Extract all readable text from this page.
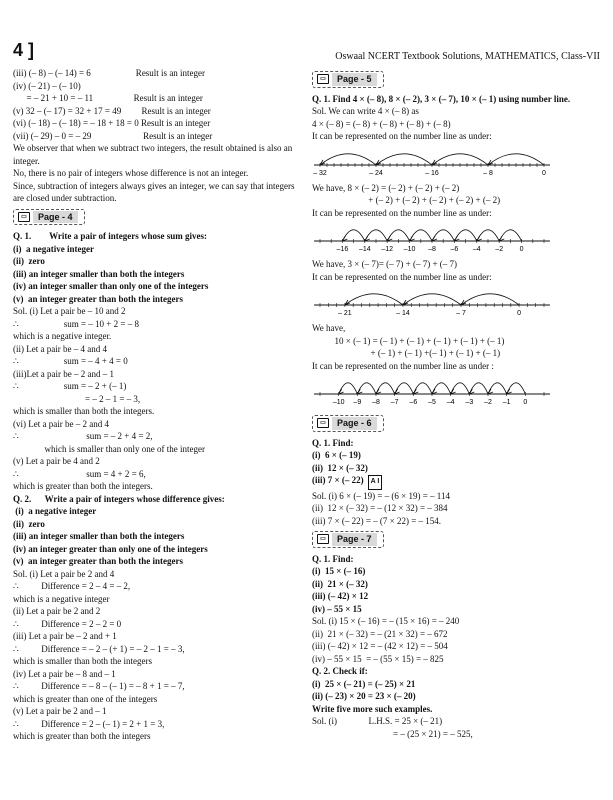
4 ]	Oswaal NCERT Textbook Solutions, MATHEMATICS, Class-VII
(iii) (– 8) – (– 14) = 6                    Result is an integer
(iv) (– 21) – (– 10)
= – 21 + 10 = – 11                  Result is an integer
(v) 32 – (– 17) = 32 + 17 = 49         Result is an integer
(vi) (– 18) – (– 18) = – 18 + 18 = 0 Result is an integer
(vii) (– 29) – 0 = – 29                       Result is an integer
We observer that when we subtract two integers, the result obtained is also an integer.
No, there is no pair of integers whose difference is not an integer.
Since, subtraction of integers always gives an integer, we can say that integers are closed under subtraction.
▭	Page - 4
Q. 1.        Write a pair of integers whose sum gives:
(i)  a negative integer
(ii)  zero
(iii) an integer smaller than both the integers
(iv) an integer smaller than only one of the integers
(v)  an integer greater than both the integers
Sol. (i) Let a pair be – 10 and 2
∴                    sum = – 10 + 2 = – 8
which is a negative integer.
(ii) Let a pair be – 4 and 4
∴                    sum = – 4 + 4 = 0
(iii)Let a pair be – 2 and – 1
∴                    sum = – 2 + (– 1)
= – 2 – 1 = – 3,
which is smaller than both the integers.
(vi) Let a pair be – 2 and 4
∴                              sum = – 2 + 4 = 2,
which is smaller than only one of the integer
(v) Let a pair be 4 and 2
∴                              sum = 4 + 2 = 6,
which is greater than both the integers.
Q. 2.      Write a pair of integers whose difference gives:
(i)  a negative integer
(ii)  zero
(iii) an integer smaller than both the integers
(iv) an integer greater than only one of the integers
(v)  an integer greater than both the integers
Sol. (i) Let a pair be 2 and 4
∴          Difference = 2 – 4 = – 2,
which is a negative integer
(ii) Let a pair be 2 and 2
∴          Difference = 2 – 2 = 0
(iii) Let a pair be – 2 and + 1
∴          Difference = – 2 – (+ 1) = – 2 – 1 = – 3,
which is smaller than both the integers
(iv) Let a pair be – 8 and – 1
∴          Difference = – 8 – (– 1) = – 8 + 1 = – 7,
which is greater than one of the integers
(v) Let a pair be 2 and – 1
∴          Difference = 2 – (– 1) = 2 + 1 = 3,
which is greater than both the integers
▭	Page - 5
Q. 1. Find 4 × (– 8), 8 × (– 2), 3 × (– 7), 10 × (– 1) using number line.
Sol. We can write 4 × (– 8) as
4 × (– 8) = (– 8) + (– 8) + (– 8) + (– 8)
It can be represented on the number line as under:
– 32	– 24	– 16	– 8	0
We have, 8 × (– 2) = (– 2) + (– 2) + (– 2)
+ (– 2) + (– 2) + (– 2) + (– 2) + (– 2)
It can be represented on the number line as under:
–16 –14 –12 –10 –8 –6 –4 –2 0
We have, 3 × (– 7)= (– 7) + (– 7) + (– 7)
It can be represented on the number line as under:
– 21	– 14	– 7	0
We have,
10 × (– 1) = (– 1) + (– 1) + (– 1) + (– 1) + (– 1)
+ (– 1) + (– 1) +(– 1) + (– 1) + (– 1)
It can be represented on the number line as under :
–10 –9 –8 –7 –6 –5 –4 –3 –2 –1 0
▭	Page - 6
Q. 1. Find:
(i)  6 × (– 19)
(ii)  12 × (– 32)
(iii) 7 × (– 22) A I
Sol. (i) 6 × (– 19) = – (6 × 19) = – 114
(ii)  12 × (– 32) = – (12 × 32) = – 384
(iii) 7 × (– 22) = – (7 × 22) = – 154.
▭	Page - 7
Q. 1. Find:
(i)  15 × (– 16)
(ii)  21 × (– 32)
(iii) (– 42) × 12
(iv) – 55 × 15
Sol. (i) 15 × (– 16) = – (15 × 16) = – 240
(ii)  21 × (– 32) = – (21 × 32) = – 672
(iii) (– 42) × 12 = – (42 × 12) = – 504
(iv) – 55 × 15  = – (55 × 15) = – 825
Q. 2. Check if:
(i)  25 × (– 21) = (– 25) × 21
(ii) (– 23) × 20 = 23 × (– 20)
Write five more such examples.
Sol. (i)              L.H.S. = 25 × (– 21)
= – (25 × 21) = – 525,
